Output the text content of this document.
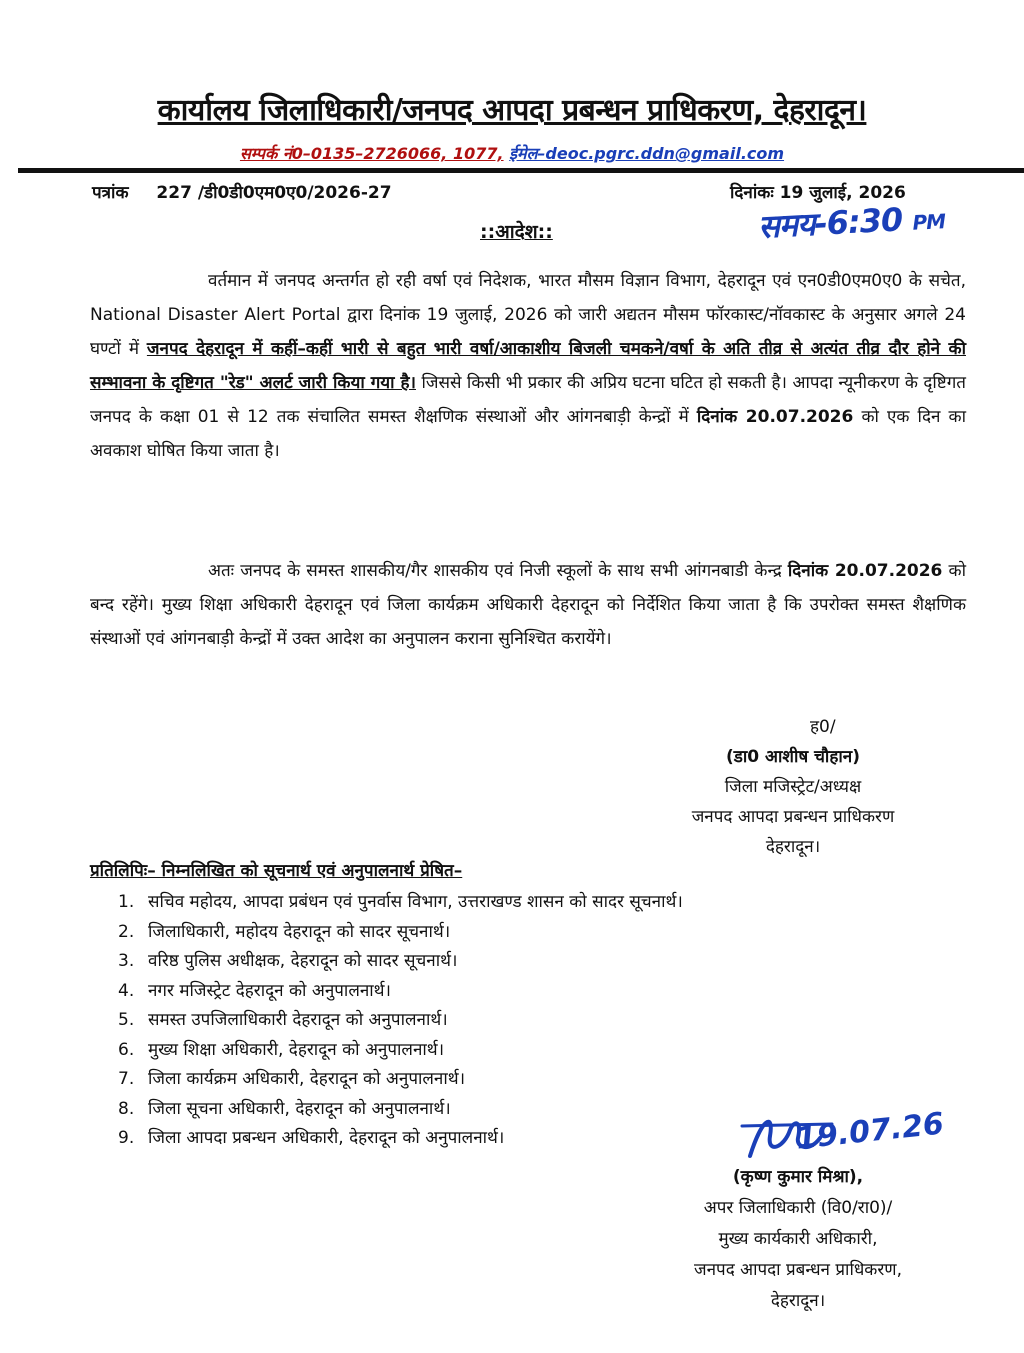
कार्यालय जिलाधिकारी/जनपद आपदा प्रबन्धन प्राधिकरण, देहरादून।
सम्पर्क नं0–0135–2726066, 1077, ईमेल–deoc.pgrc.ddn@gmail.com
पत्रांक 227 /डी0डी0एम0ए0/2026-27	दिनांकः 19 जुलाई, 2026
::आदेश::	समय-6:30 PM

वर्तमान में जनपद अन्तर्गत हो रही वर्षा एवं निदेशक, भारत मौसम विज्ञान विभाग, देहरादून एवं एन0डी0एम0ए0 के सचेत, National Disaster Alert Portal द्वारा दिनांक 19 जुलाई, 2026 को जारी अद्यतन मौसम फॉरकास्ट/नॉवकास्ट के अनुसार अगले 24 घण्टों में जनपद देहरादून में कहीं–कहीं भारी से बहुत भारी वर्षा/आकाशीय बिजली चमकने/वर्षा के अति तीव्र से अत्यंत तीव्र दौर होने की सम्भावना के दृष्टिगत "रेड" अलर्ट जारी किया गया है। जिससे किसी भी प्रकार की अप्रिय घटना घटित हो सकती है। आपदा न्यूनीकरण के दृष्टिगत जनपद के कक्षा 01 से 12 तक संचालित समस्त शैक्षणिक संस्थाओं और आंगनबाड़ी केन्द्रों में दिनांक 20.07.2026 को एक दिन का अवकाश घोषित किया जाता है।

अतः जनपद के समस्त शासकीय/गैर शासकीय एवं निजी स्कूलों के साथ सभी आंगनबाडी केन्द्र दिनांक 20.07.2026 को बन्द रहेंगे। मुख्य शिक्षा अधिकारी देहरादून एवं जिला कार्यक्रम अधिकारी देहरादून को निर्देशित किया जाता है कि उपरोक्त समस्त शैक्षणिक संस्थाओं एवं आंगनबाड़ी केन्द्रों में उक्त आदेश का अनुपालन कराना सुनिश्चित करायेंगे।

ह0/
(डा0 आशीष चौहान)
जिला मजिस्ट्रेट/अध्यक्ष
जनपद आपदा प्रबन्धन प्राधिकरण
देहरादून।
प्रतिलिपिः– निम्नलिखित को सूचनार्थ एवं अनुपालनार्थ प्रेषित–
1. सचिव महोदय, आपदा प्रबंधन एवं पुनर्वास विभाग, उत्तराखण्ड शासन को सादर सूचनार्थ।
2. जिलाधिकारी, महोदय देहरादून को सादर सूचनार्थ।
3. वरिष्ठ पुलिस अधीक्षक, देहरादून को सादर सूचनार्थ।
4. नगर मजिस्ट्रेट देहरादून को अनुपालनार्थ।
5. समस्त उपजिलाधिकारी देहरादून को अनुपालनार्थ।
6. मुख्य शिक्षा अधिकारी, देहरादून को अनुपालनार्थ।
7. जिला कार्यक्रम अधिकारी, देहरादून को अनुपालनार्थ।
8. जिला सूचना अधिकारी, देहरादून को अनुपालनार्थ।
9. जिला आपदा प्रबन्धन अधिकारी, देहरादून को अनुपालनार्थ।	19.07.26
(कृष्ण कुमार मिश्रा),
अपर जिलाधिकारी (वि0/रा0)/
मुख्य कार्यकारी अधिकारी,
जनपद आपदा प्रबन्धन प्राधिकरण,
देहरादून।
